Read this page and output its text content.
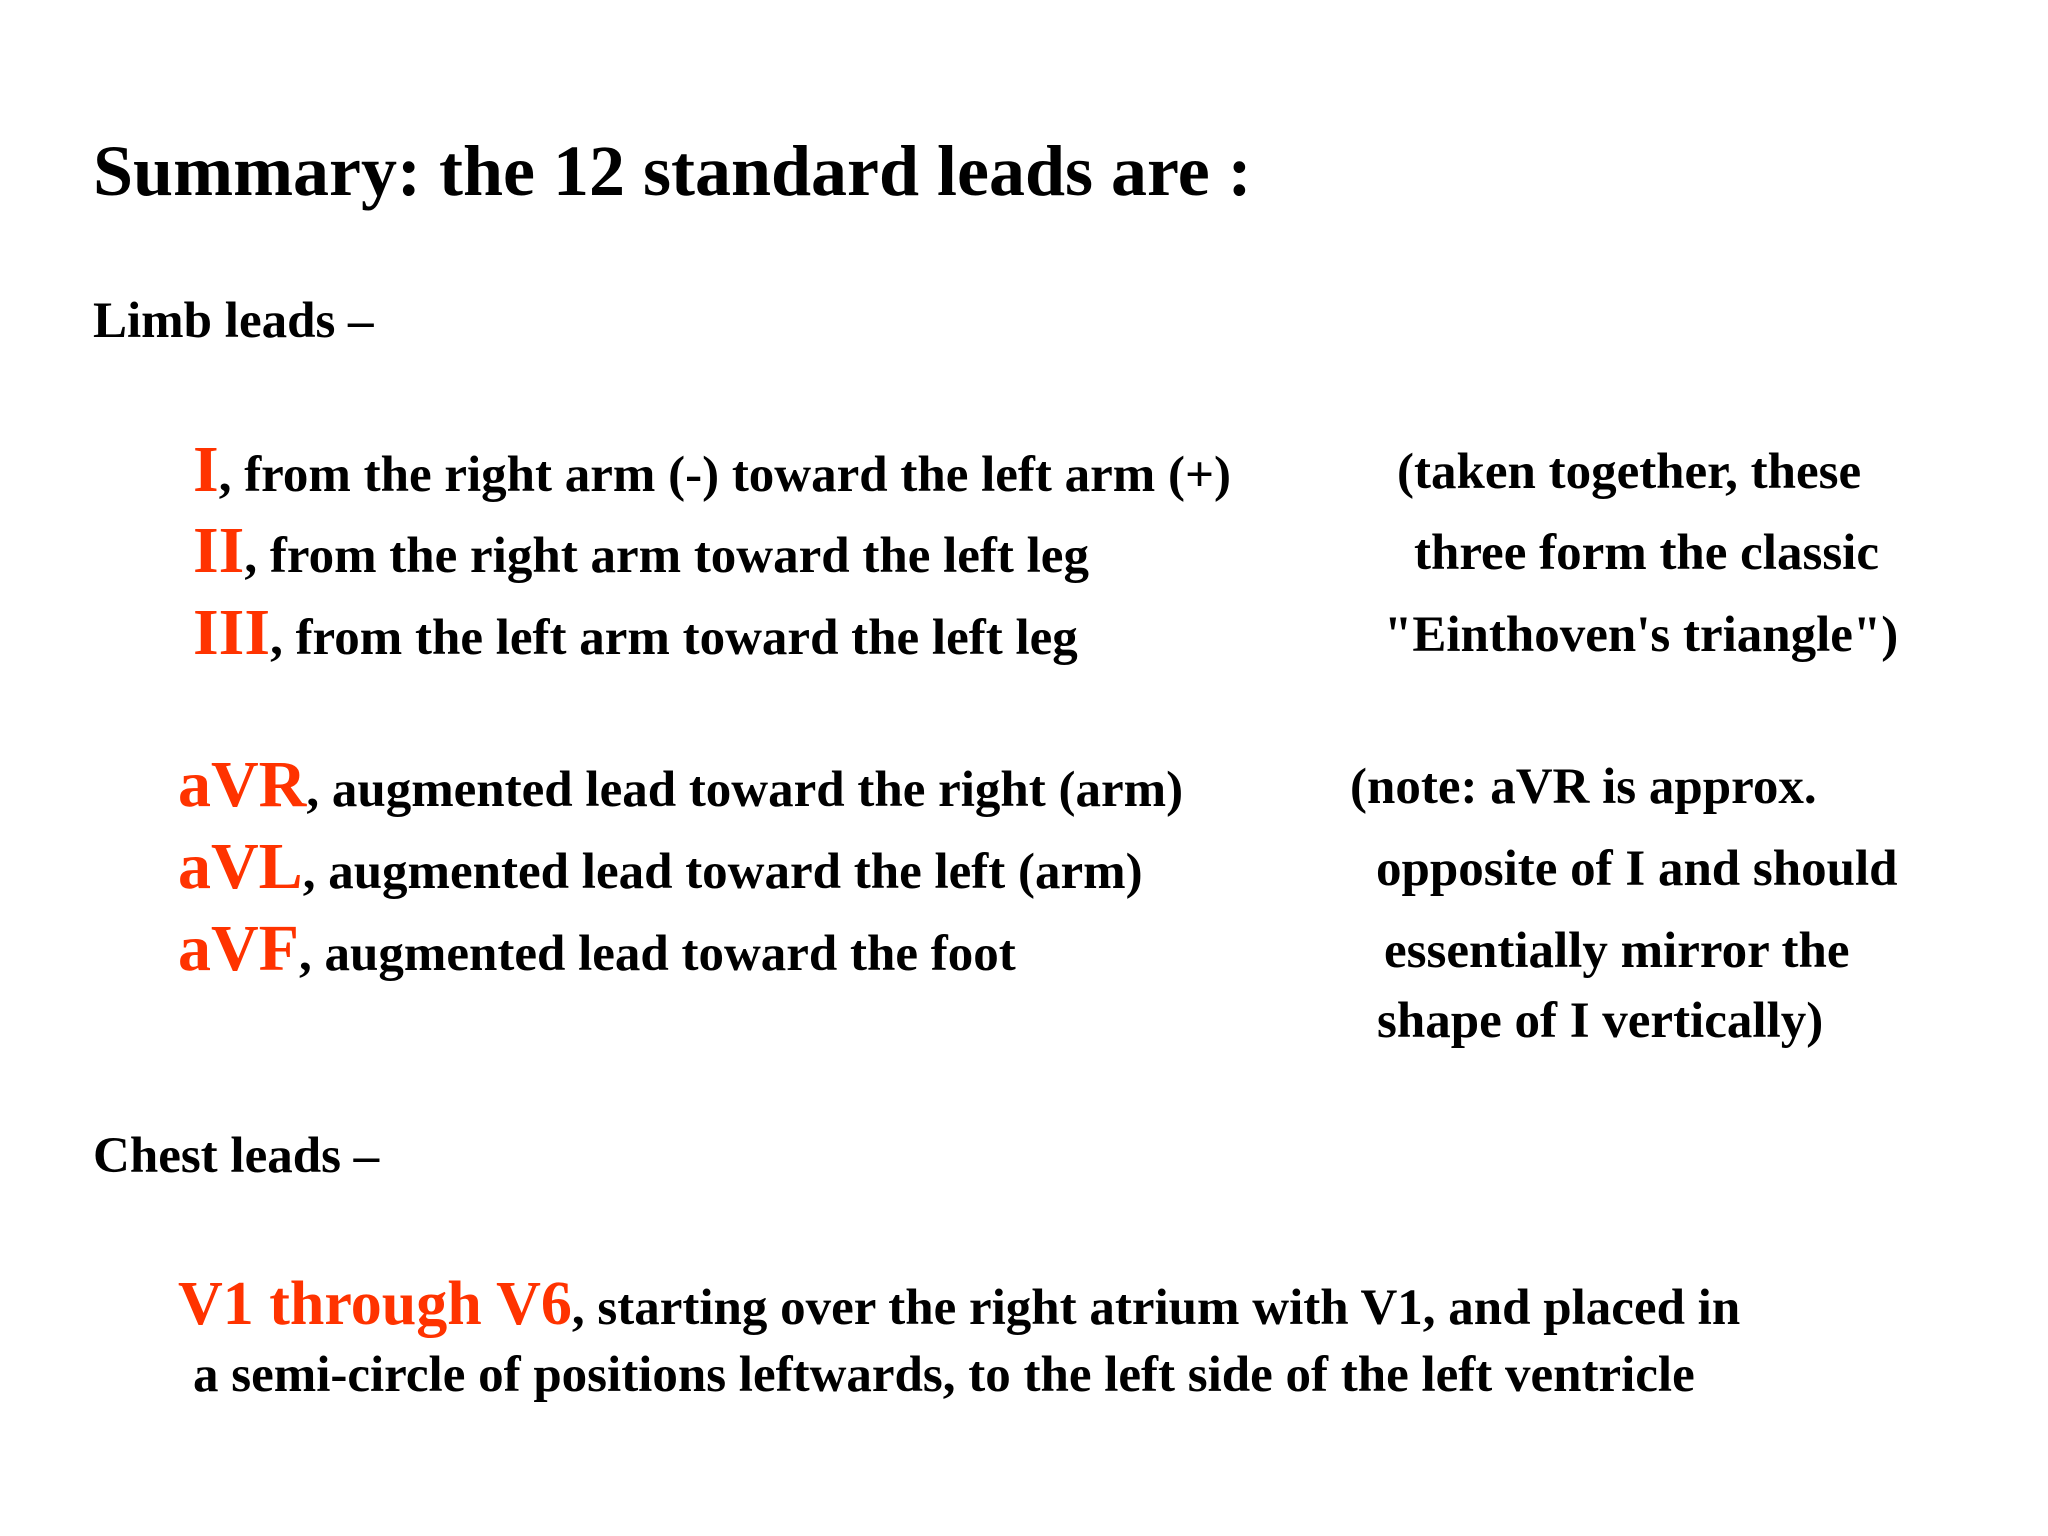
Summary: the 12 standard leads are :
Limb leads –
I, from the right arm (-) toward the left arm (+)
II, from the right arm toward the left leg
III, from the left arm toward the left leg
(taken together, these
three form the classic
"Einthoven's triangle")
aVR, augmented lead toward the right (arm)
aVL, augmented lead toward the left (arm)
aVF, augmented lead toward the foot
(note: aVR is approx.
opposite of I and should
essentially mirror the
shape of I vertically)
Chest leads –
V1 through V6, starting over the right atrium with V1, and placed in
a semi-circle of positions leftwards, to the left side of the left ventricle
